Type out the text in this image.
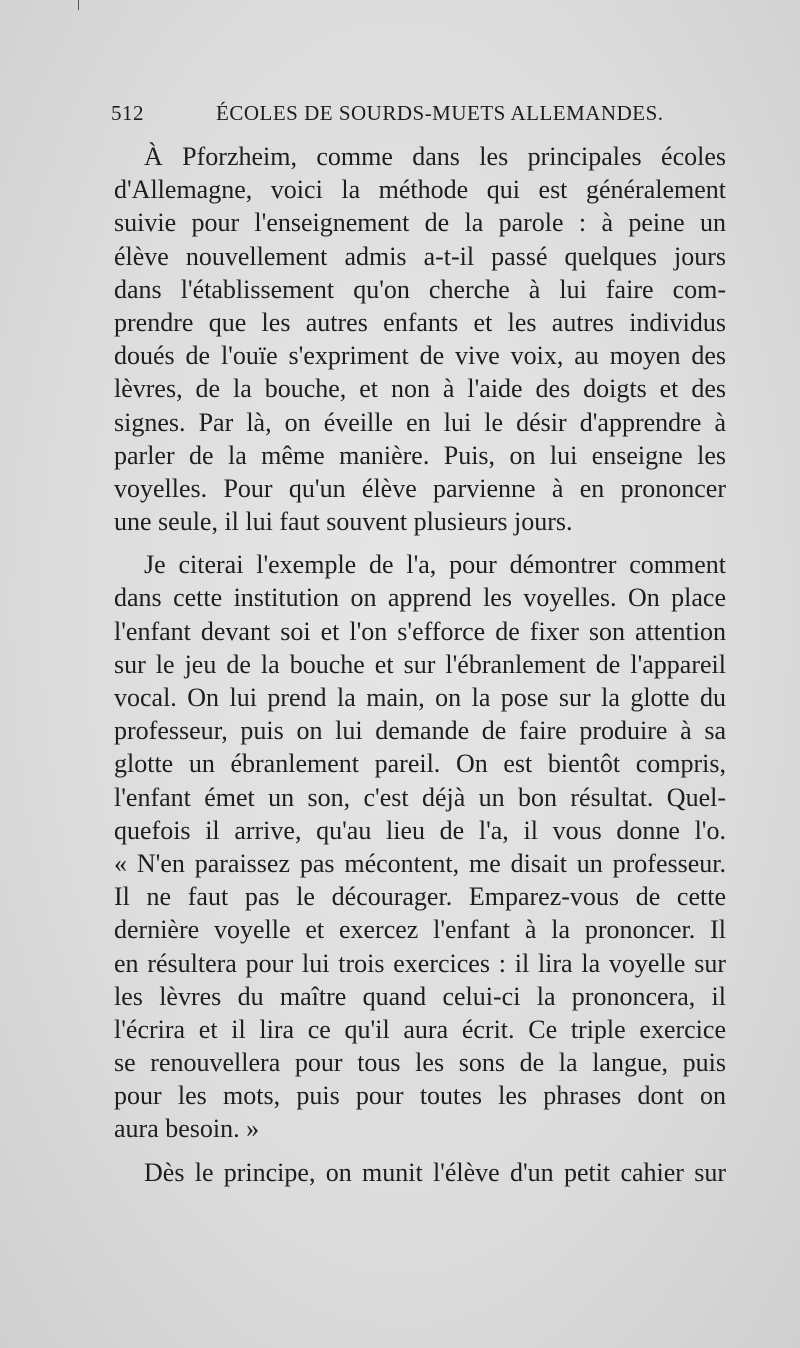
512	ÉCOLES DE SOURDS-MUETS ALLEMANDES.
À Pforzheim, comme dans les principales écoles
d'Allemagne, voici la méthode qui est généralement
suivie pour l'enseignement de la parole : à peine un
élève nouvellement admis a-t-il passé quelques jours
dans l'établissement qu'on cherche à lui faire com-
prendre que les autres enfants et les autres individus
doués de l'ouïe s'expriment de vive voix, au moyen des
lèvres, de la bouche, et non à l'aide des doigts et des
signes. Par là, on éveille en lui le désir d'apprendre à
parler de la même manière. Puis, on lui enseigne les
voyelles. Pour qu'un élève parvienne à en prononcer
une seule, il lui faut souvent plusieurs jours.
Je citerai l'exemple de l'a, pour démontrer comment
dans cette institution on apprend les voyelles. On place
l'enfant devant soi et l'on s'efforce de fixer son attention
sur le jeu de la bouche et sur l'ébranlement de l'appareil
vocal. On lui prend la main, on la pose sur la glotte du
professeur, puis on lui demande de faire produire à sa
glotte un ébranlement pareil. On est bientôt compris,
l'enfant émet un son, c'est déjà un bon résultat. Quel-
quefois il arrive, qu'au lieu de l'a, il vous donne l'o.
« N'en paraissez pas mécontent, me disait un professeur.
Il ne faut pas le décourager. Emparez-vous de cette
dernière voyelle et exercez l'enfant à la prononcer. Il
en résultera pour lui trois exercices : il lira la voyelle sur
les lèvres du maître quand celui-ci la prononcera, il
l'écrira et il lira ce qu'il aura écrit. Ce triple exercice
se renouvellera pour tous les sons de la langue, puis
pour les mots, puis pour toutes les phrases dont on
aura besoin. »
Dès le principe, on munit l'élève d'un petit cahier sur
